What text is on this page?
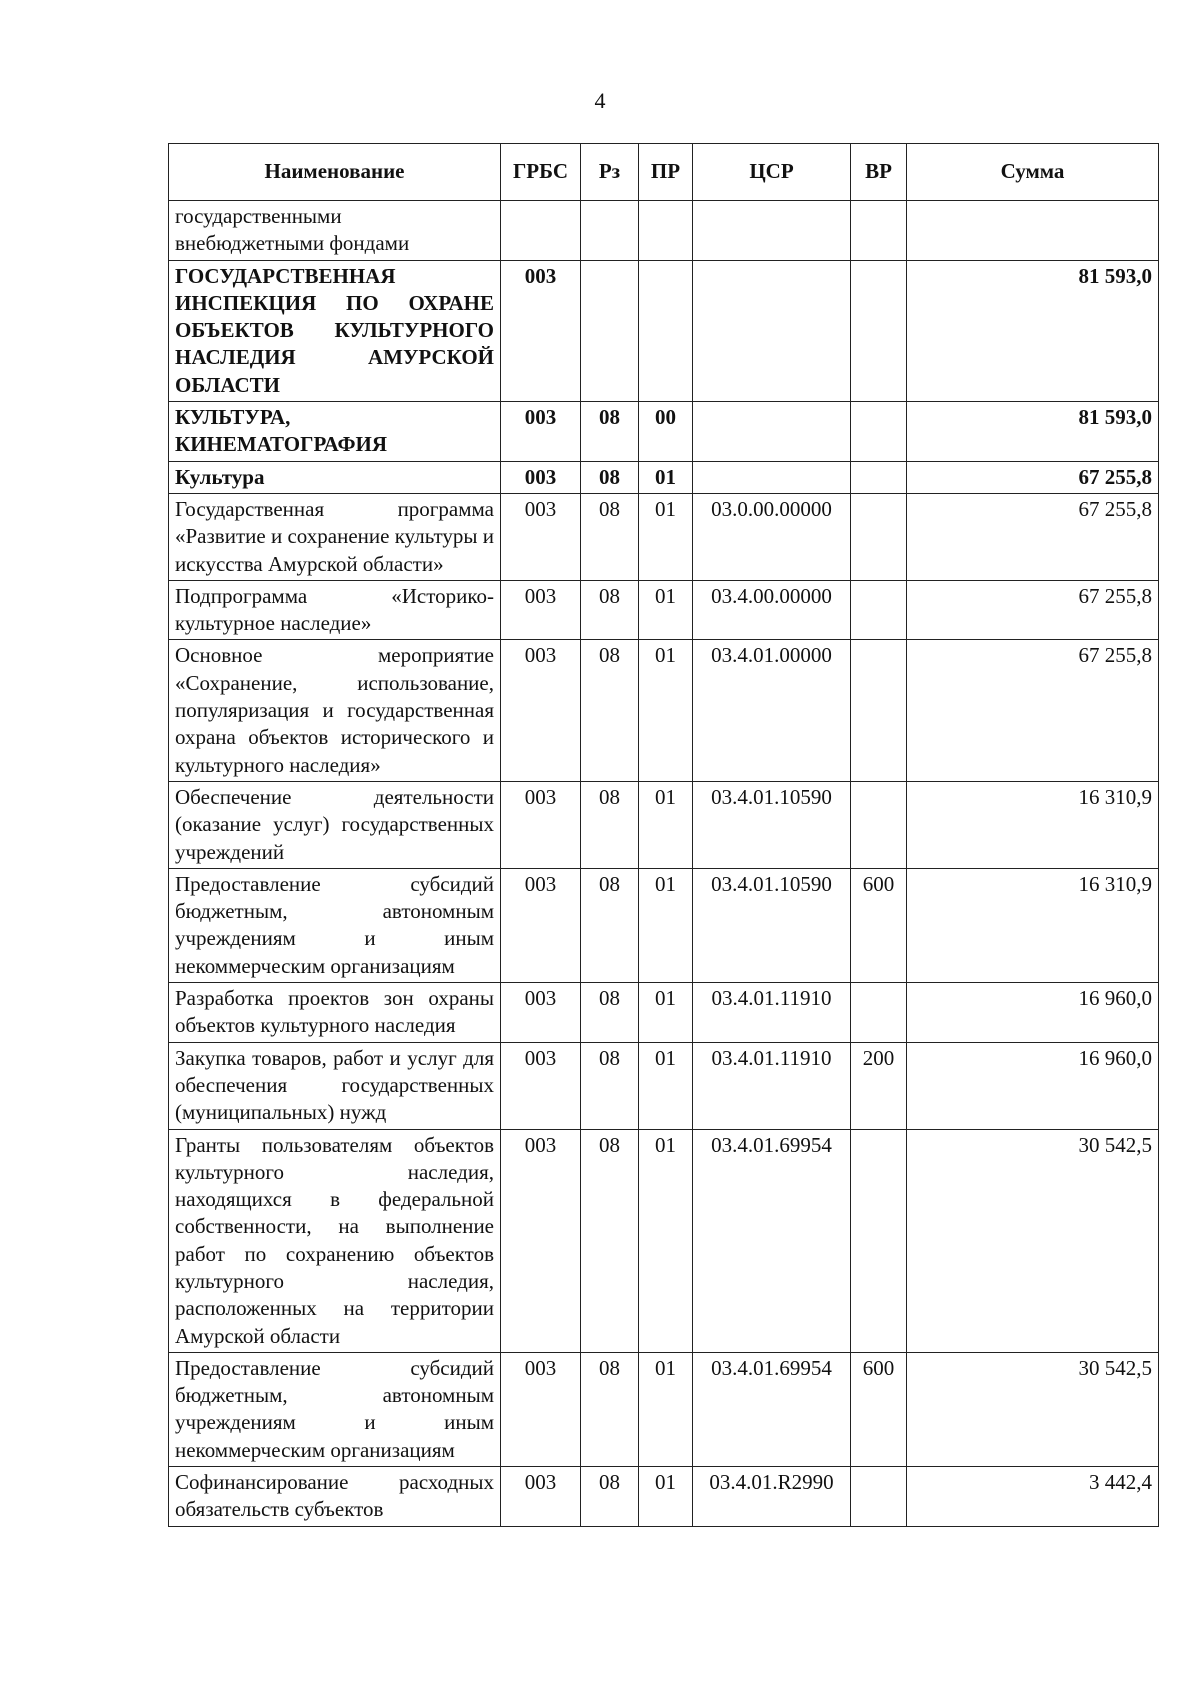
4
Наименование	ГРБС	Рз	ПР	ЦСР	ВР	Сумма
государственными внебюджетными фондами						
ГОСУДАРСТВЕННАЯ ИНСПЕКЦИЯ ПО ОХРАНЕ ОБЪЕКТОВ КУЛЬТУРНОГО НАСЛЕДИЯ АМУРСКОЙ ОБЛАСТИ	003					81 593,0
КУЛЬТУРА, КИНЕМАТОГРАФИЯ	003	08	00			81 593,0
Культура	003	08	01			67 255,8
Государственная программа «Развитие и сохранение культуры и искусства Амурской области»	003	08	01	03.0.00.00000		67 255,8
Подпрограмма «Историко-культурное наследие»	003	08	01	03.4.00.00000		67 255,8
Основное мероприятие «Сохранение, использование, популяризация и государственная охрана объектов исторического и культурного наследия»	003	08	01	03.4.01.00000		67 255,8
Обеспечение деятельности (оказание услуг) государственных учреждений	003	08	01	03.4.01.10590		16 310,9
Предоставление субсидий бюджетным, автономным учреждениям и иным некоммерческим организациям	003	08	01	03.4.01.10590	600	16 310,9
Разработка проектов зон охраны объектов культурного наследия	003	08	01	03.4.01.11910		16 960,0
Закупка товаров, работ и услуг для обеспечения государственных (муниципальных) нужд	003	08	01	03.4.01.11910	200	16 960,0
Гранты пользователям объектов культурного наследия, находящихся в федеральной собственности, на выполнение работ по сохранению объектов культурного наследия, расположенных на территории Амурской области	003	08	01	03.4.01.69954		30 542,5
Предоставление субсидий бюджетным, автономным учреждениям и иным некоммерческим организациям	003	08	01	03.4.01.69954	600	30 542,5
Софинансирование расходных обязательств субъектов	003	08	01	03.4.01.R2990		3 442,4
